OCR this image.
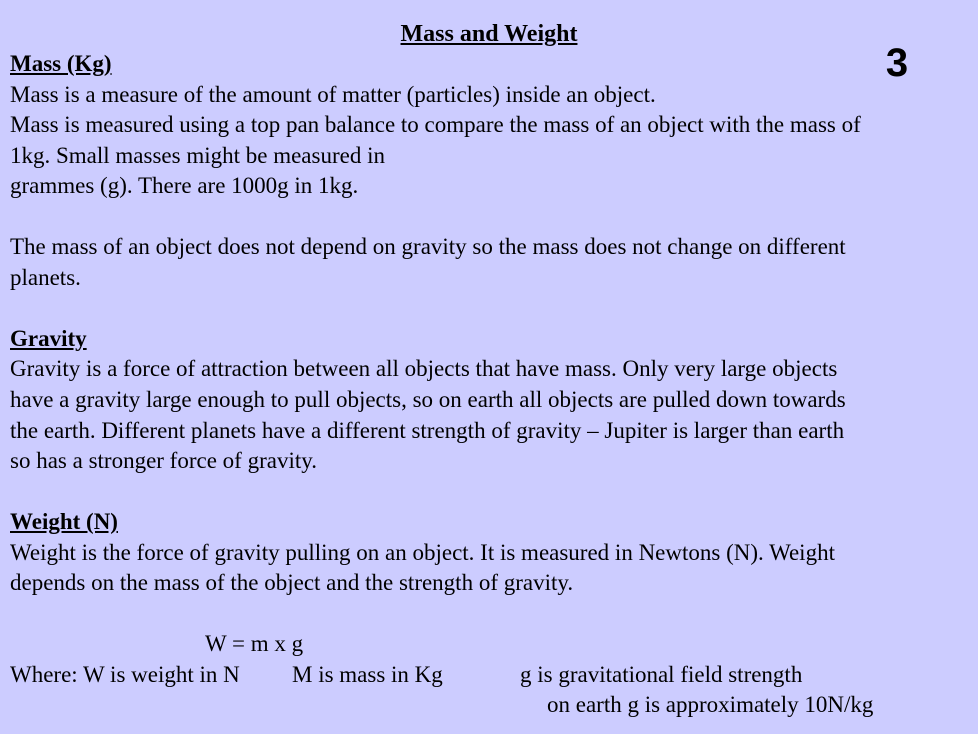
Mass and Weight
3
Mass (Kg)
Mass is a measure of the amount of matter (particles) inside an object.
Mass is measured using a top pan balance to compare the mass of an object with the mass of
1kg. Small masses might be measured in
grammes (g). There are 1000g in 1kg.
The mass of an object does not depend on gravity so the mass does not change on different
planets.
Gravity
Gravity is a force of attraction between all objects that have mass. Only very large objects
have a gravity large enough to pull objects, so on earth all objects are pulled down towards
the earth. Different planets have a different strength of gravity – Jupiter is larger than earth
so has a stronger force of gravity.
Weight (N)
Weight is the force of gravity pulling on an object. It is measured in Newtons (N). Weight
depends on the mass of the object and the strength of gravity.
W = m x g
Where: W is weight in N M is mass in Kg	g is gravitational field strength
on earth g is approximately 10N/kg
